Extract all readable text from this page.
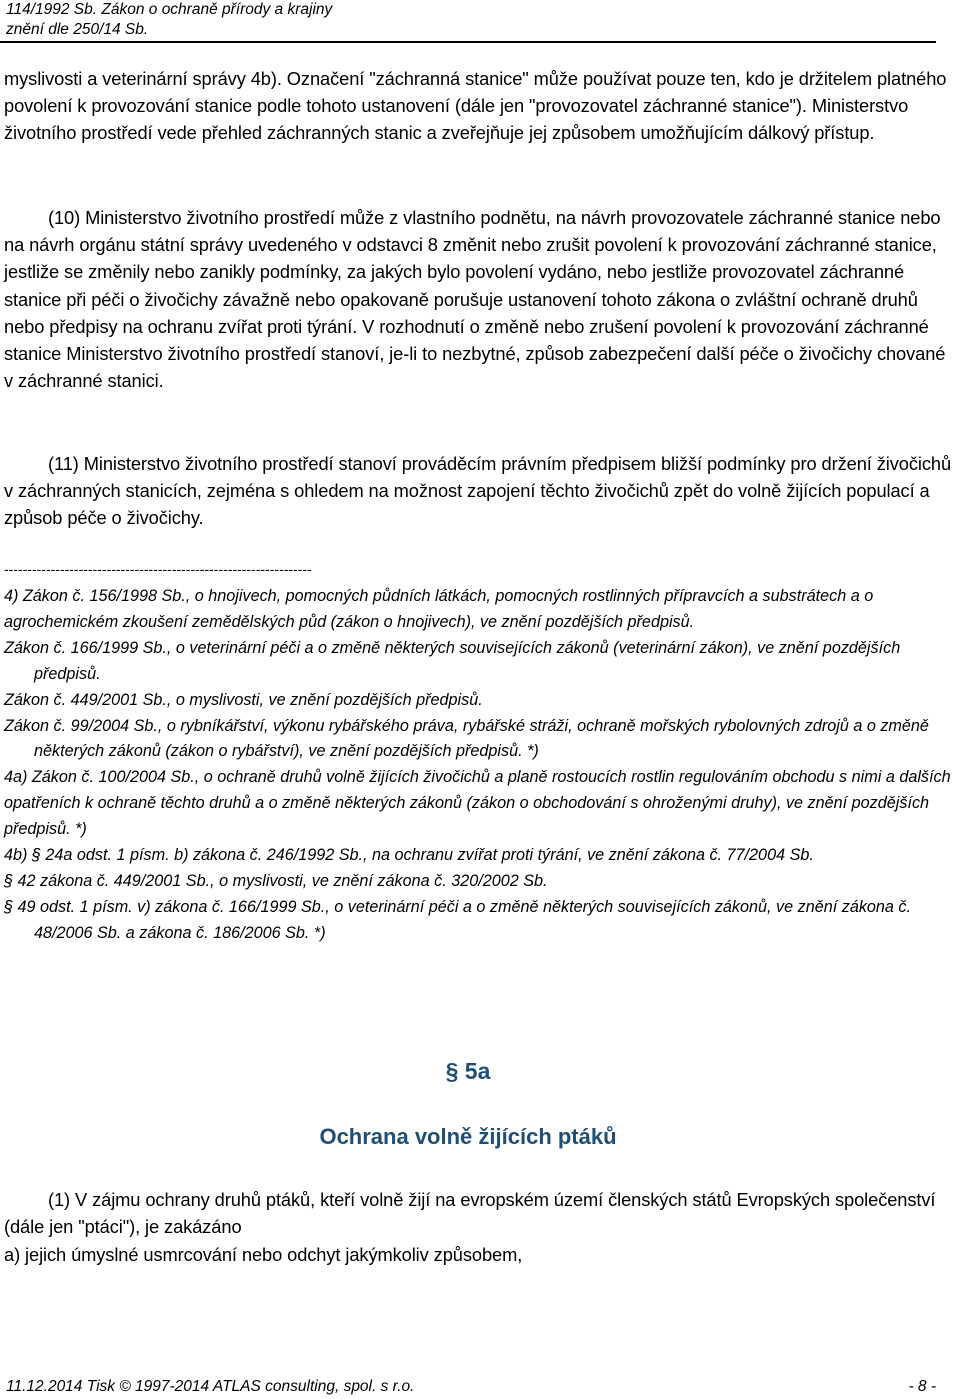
114/1992 Sb. Zákon o ochraně přírody a krajiny
znění dle 250/14 Sb.

myslivosti a veterinární správy 4b). Označení "záchranná stanice" může používat pouze ten, kdo je držitelem platného povolení k provozování stanice podle tohoto ustanovení (dále jen "provozovatel záchranné stanice"). Ministerstvo životního prostředí vede přehled záchranných stanic a zveřejňuje jej způsobem umožňujícím dálkový přístup.

(10) Ministerstvo životního prostředí může z vlastního podnětu, na návrh provozovatele záchranné stanice nebo na návrh orgánu státní správy uvedeného v odstavci 8 změnit nebo zrušit povolení k provozování záchranné stanice, jestliže se změnily nebo zanikly podmínky, za jakých bylo povolení vydáno, nebo jestliže provozovatel záchranné stanice při péči o živočichy závažně nebo opakovaně porušuje ustanovení tohoto zákona o zvláštní ochraně druhů nebo předpisy na ochranu zvířat proti týrání. V rozhodnutí o změně nebo zrušení povolení k provozování záchranné stanice Ministerstvo životního prostředí stanoví, je-li to nezbytné, způsob zabezpečení další péče o živočichy chované v záchranné stanici.

(11) Ministerstvo životního prostředí stanoví prováděcím právním předpisem bližší podmínky pro držení živočichů v záchranných stanicích, zejména s ohledem na možnost zapojení těchto živočichů zpět do volně žijících populací a způsob péče o živočichy.

------------------------------------------------------------------

4) Zákon č. 156/1998 Sb., o hnojivech, pomocných půdních látkách, pomocných rostlinných přípravcích a substrátech a o agrochemickém zkoušení zemědělských půd (zákon o hnojivech), ve znění pozdějších předpisů.

Zákon č. 166/1999 Sb., o veterinární péči a o změně některých souvisejících zákonů (veterinární zákon), ve znění pozdějších předpisů.

Zákon č. 449/2001 Sb., o myslivosti, ve znění pozdějších předpisů.

Zákon č. 99/2004 Sb., o rybníkářství, výkonu rybářského práva, rybářské stráži, ochraně mořských rybolovných zdrojů a o změně některých zákonů (zákon o rybářství), ve znění pozdějších předpisů. *)

4a) Zákon č. 100/2004 Sb., o ochraně druhů volně žijících živočichů a planě rostoucích rostlin regulováním obchodu s nimi a dalších opatřeních k ochraně těchto druhů a o změně některých zákonů (zákon o obchodování s ohroženými druhy), ve znění pozdějších předpisů. *)

4b) § 24a odst. 1 písm. b) zákona č. 246/1992 Sb., na ochranu zvířat proti týrání, ve znění zákona č. 77/2004 Sb.

§ 42 zákona č. 449/2001 Sb., o myslivosti, ve znění zákona č. 320/2002 Sb.

§ 49 odst. 1 písm. v) zákona č. 166/1999 Sb., o veterinární péči a o změně některých souvisejících zákonů, ve znění zákona č. 48/2006 Sb. a zákona č. 186/2006 Sb. *)

§ 5a
Ochrana volně žijících ptáků

(1) V zájmu ochrany druhů ptáků, kteří volně žijí na evropském území členských států Evropských společenství (dále jen "ptáci"), je zakázáno

a) jejich úmyslné usmrcování nebo odchyt jakýmkoliv způsobem,

11.12.2014 Tisk © 1997-2014 ATLAS consulting, spol. s r.o.	- 8 -
